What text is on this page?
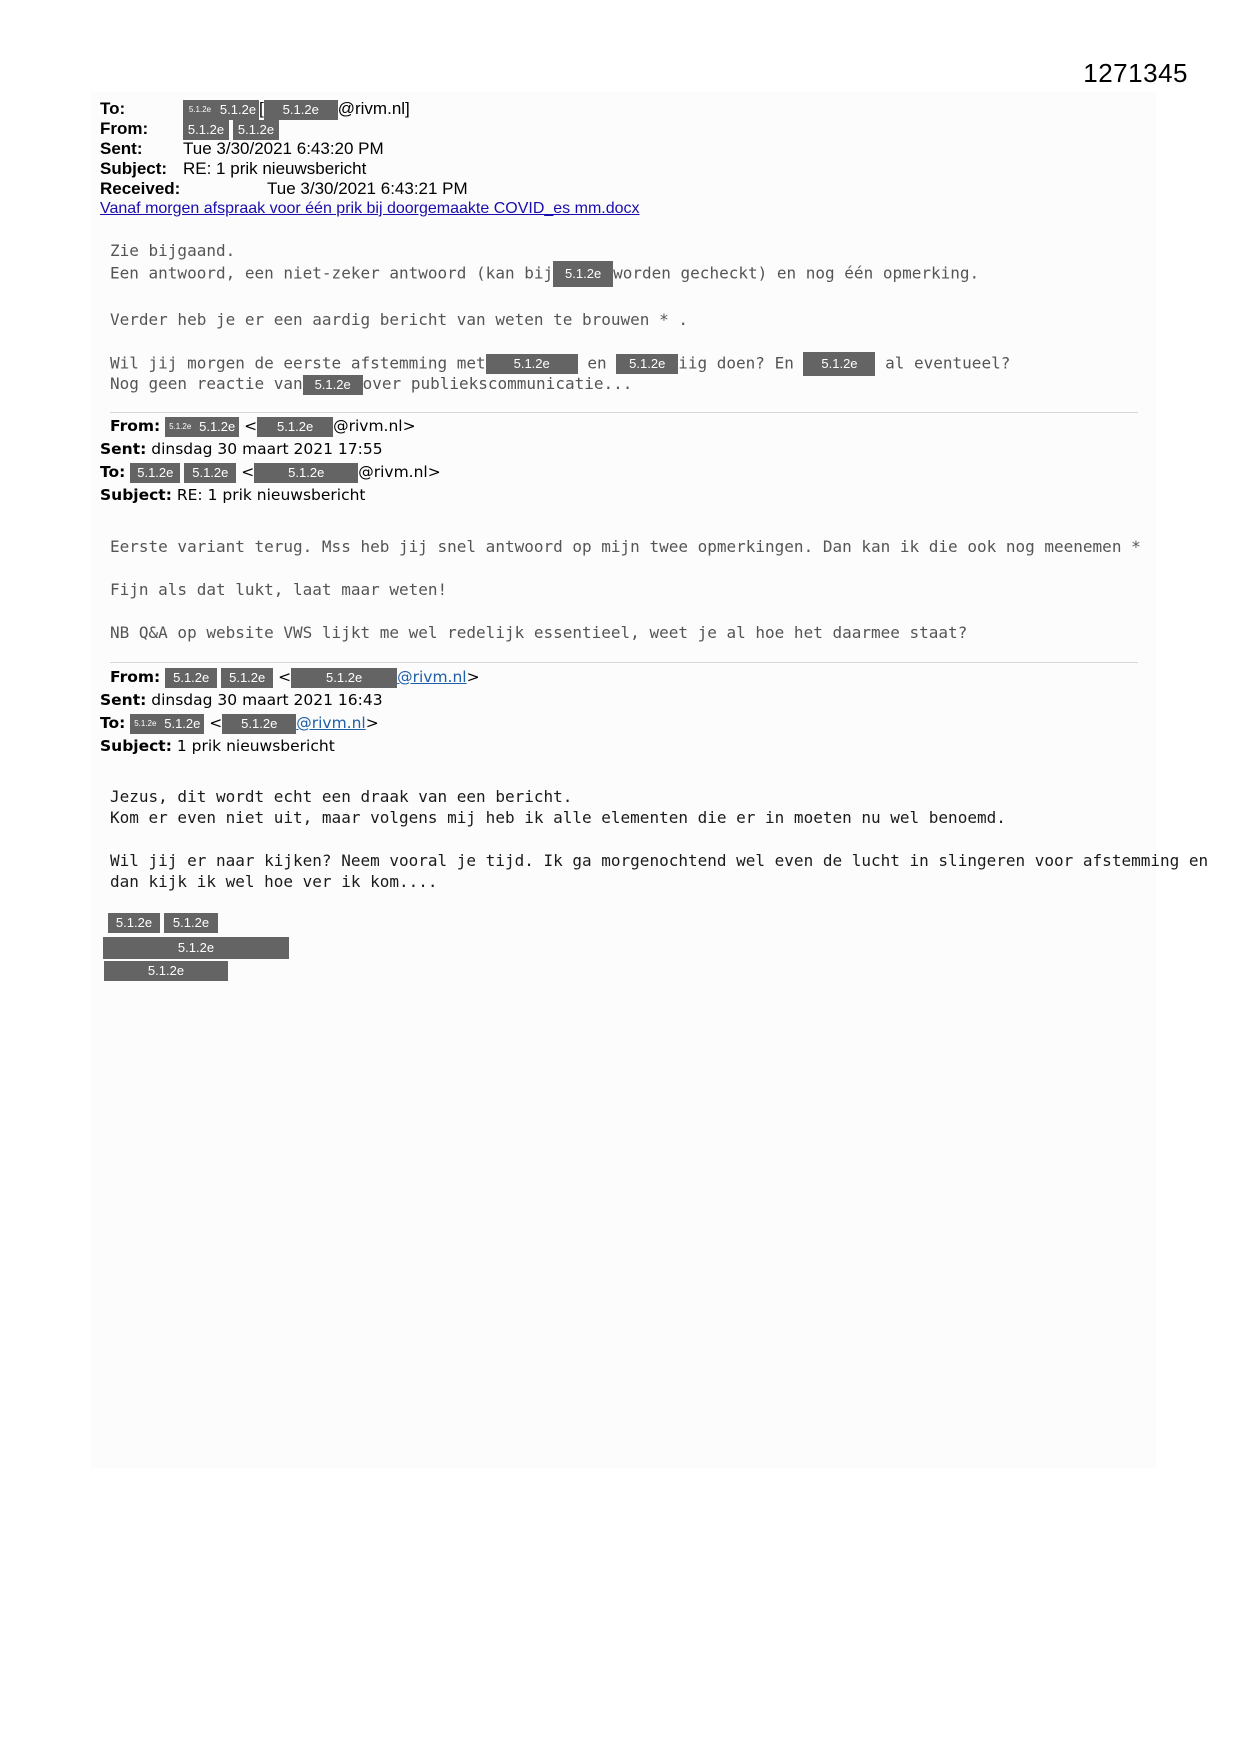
1271345
To:	5.1.2e 5.1.2e [ 5.1.2e @rivm.nl]
From:	5.1.2e 5.1.2e
Sent: Tue 3/30/2021 6:43:20 PM
Subject: RE: 1 prik nieuwsbericht
Received:	Tue 3/30/2021 6:43:21 PM
Vanaf morgen afspraak voor één prik bij doorgemaakte COVID_es mm.docx
Zie bijgaand.
Een antwoord, een niet-zeker antwoord (kan bij 5.1.2e worden gecheckt) en nog één opmerking.
Verder heb je er een aardig bericht van weten te brouwen * .
Wil jij morgen de eerste afstemming met 5.1.2e en 5.1.2e iig doen? En 5.1.2e al eventueel?
Nog geen reactie van 5.1.2e over publiekscommunicatie...
From: 5.1.2e 5.1.2e < 5.1.2e @rivm.nl>
Sent: dinsdag 30 maart 2021 17:55
To: 5.1.2e 5.1.2e <	5.1.2e @rivm.nl>
Subject: RE: 1 prik nieuwsbericht
Eerste variant terug. Mss heb jij snel antwoord op mijn twee opmerkingen. Dan kan ik die ook nog meenemen *
Fijn als dat lukt, laat maar weten!
NB Q&A op website VWS lijkt me wel redelijk essentieel, weet je al hoe het daarmee staat?
From: 5.1.2e 5.1.2e <	5.1.2e @rivm.nl>
Sent: dinsdag 30 maart 2021 16:43
To: 5.1.2e 5.1.2e < 5.1.2e @rivm.nl>
Subject: 1 prik nieuwsbericht
Jezus, dit wordt echt een draak van een bericht.
Kom er even niet uit, maar volgens mij heb ik alle elementen die er in moeten nu wel benoemd.
Wil jij er naar kijken? Neem vooral je tijd. Ik ga morgenochtend wel even de lucht in slingeren voor afstemming en
dan kijk ik wel hoe ver ik kom....
5.1.2e 5.1.2e
5.1.2e
5.1.2e
